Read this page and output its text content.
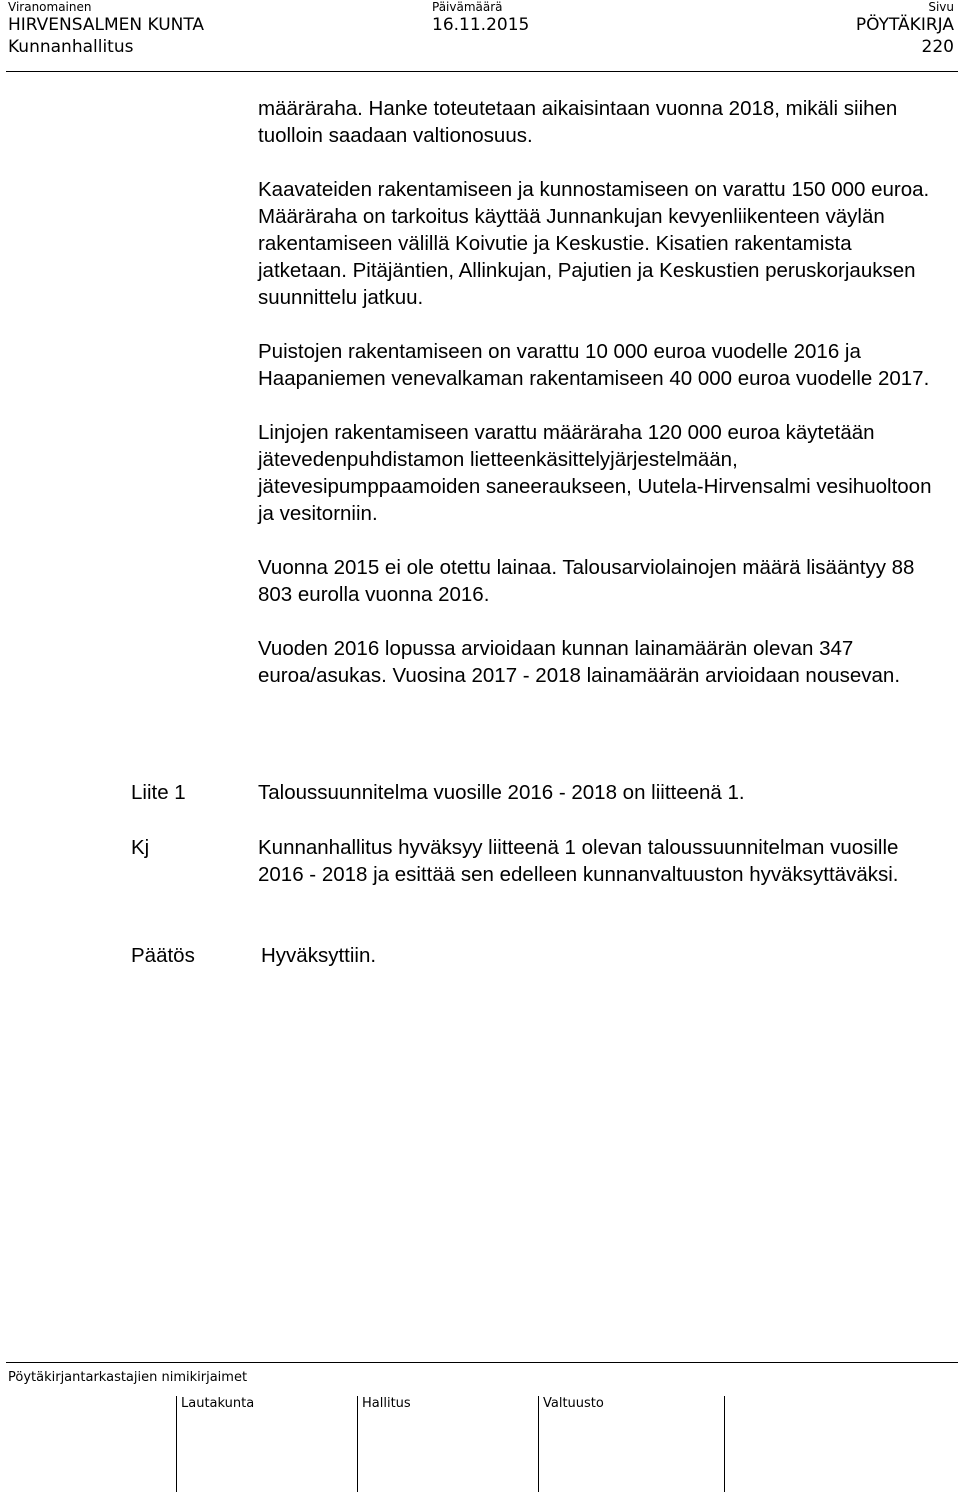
Viranomainen
HIRVENSALMEN KUNTA
Kunnanhallitus
Päivämäärä
16.11.2015
Sivu
PÖYTÄKIRJA
220

määräraha. Hanke toteutetaan aikaisintaan vuonna 2018, mikäli siihen tuolloin saadaan valtionosuus.

Kaavateiden rakentamiseen ja kunnostamiseen on varattu 150 000 euroa. Määräraha on tarkoitus käyttää Junnankujan kevyenliikenteen väylän rakentamiseen välillä Koivutie ja Keskustie. Kisatien rakentamista jatketaan. Pitäjäntien, Allinkujan, Pajutien ja Keskustien peruskorjauksen suunnittelu jatkuu.

Puistojen rakentamiseen on varattu 10 000 euroa vuodelle 2016 ja Haapaniemen venevalkaman rakentamiseen 40 000 euroa vuodelle 2017.

Linjojen rakentamiseen varattu määräraha 120 000 euroa käytetään jätevedenpuhdistamon lietteenkäsittelyjärjestelmään, jätevesipumppaamoiden saneeraukseen, Uutela-Hirvensalmi vesihuoltoon ja vesitorniin.

Vuonna 2015 ei ole otettu lainaa. Talousarviolainojen määrä lisääntyy 88 803 eurolla vuonna 2016.

Vuoden 2016 lopussa arvioidaan kunnan lainamäärän olevan 347 euroa/asukas. Vuosina 2017 - 2018 lainamäärän arvioidaan nousevan.

Liite 1	Taloussuunnitelma vuosille 2016 - 2018 on liitteenä 1.
Kj	Kunnanhallitus hyväksyy liitteenä 1 olevan taloussuunnitelman vuosille 2016 - 2018 ja esittää sen edelleen kunnanvaltuuston hyväksyttäväksi.
Päätös	Hyväksyttiin.
Pöytäkirjantarkastajien nimikirjaimet
Lautakunta	Hallitus	Valtuusto
